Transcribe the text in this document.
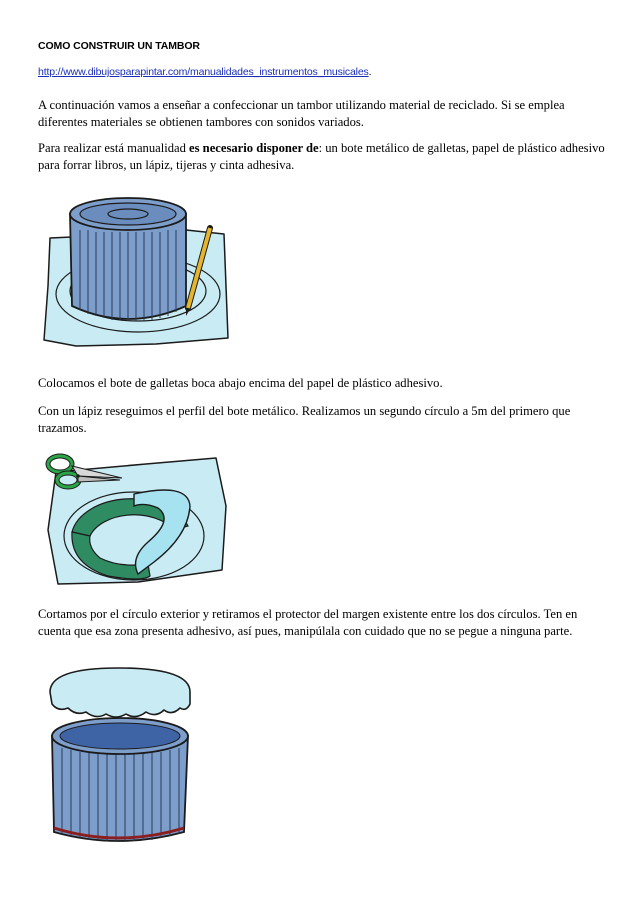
COMO CONSTRUIR UN TAMBOR
http://www.dibujosparapintar.com/manualidades_instrumentos_musicales.
A continuación vamos a enseñar a confeccionar un tambor utilizando material de reciclado. Si se emplea diferentes materiales se obtienen tambores con sonidos variados.
Para realizar está manualidad es necesario disponer de: un bote metálico de galletas, papel de plástico adhesivo para forrar libros, un lápiz, tijeras y cinta adhesiva.
Colocamos el bote de galletas boca abajo encima del papel de plástico adhesivo.
Con un lápiz reseguimos el perfil del bote metálico. Realizamos un segundo círculo a 5m del primero que trazamos.
Cortamos por el círculo exterior y retiramos el protector del margen existente entre los dos círculos. Ten en cuenta que esa zona presenta adhesivo, así pues, manipúlala con cuidado que no se pegue a ninguna parte.
